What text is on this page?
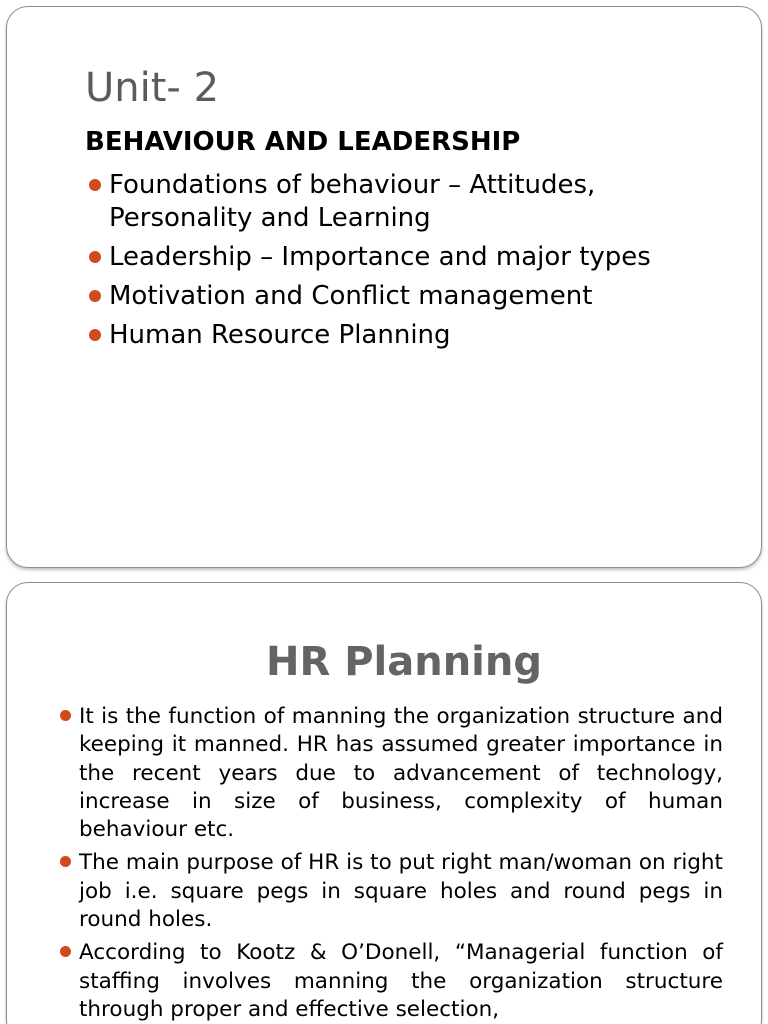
Unit- 2
BEHAVIOUR AND LEADERSHIP
Foundations of behaviour – Attitudes, Personality and Learning
Leadership – Importance and major types
Motivation and Conflict management
Human Resource Planning
HR Planning
It is the function of manning the organization structure and keeping it manned. HR has assumed greater importance in the recent years due to advancement of technology, increase in size of business, complexity of human behaviour etc.
The main purpose of HR is to put right man/woman on right job i.e. square pegs in square holes and round pegs in round holes.
According to Kootz & O’Donell, “Managerial function of staffing involves manning the organization structure through proper and effective selection,
